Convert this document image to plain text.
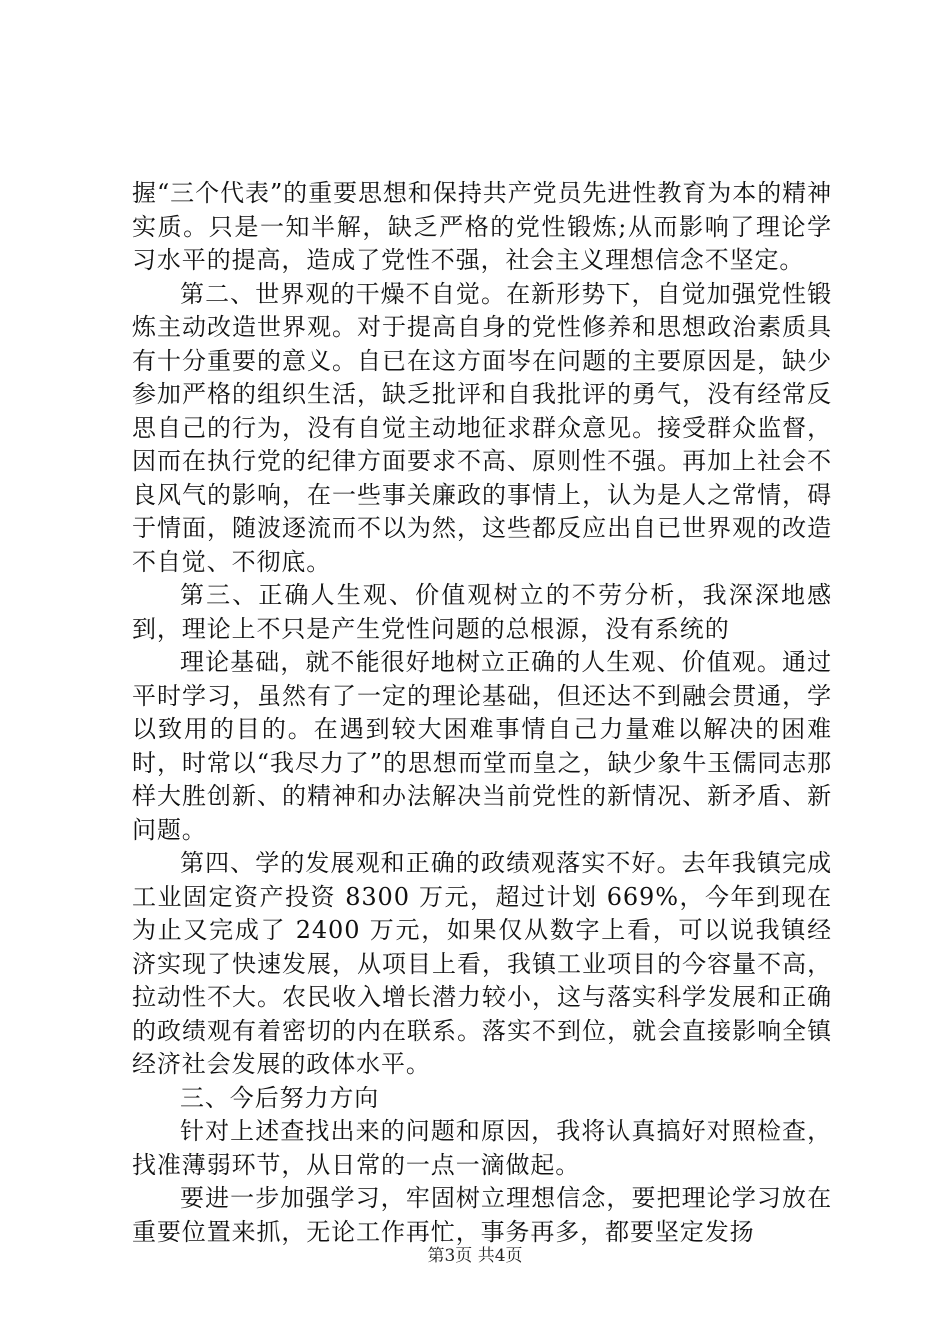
握“三个代表”的重要思想和保持共产党员先进性教育为本的精神实质。只是一知半解，缺乏严格的党性锻炼;从而影响了理论学习水平的提高，造成了党性不强，社会主义理想信念不坚定。

第二、世界观的干燥不自觉。在新形势下，自觉加强党性锻炼主动改造世界观。对于提高自身的党性修养和思想政治素质具有十分重要的意义。自已在这方面岑在问题的主要原因是，缺少参加严格的组织生活，缺乏批评和自我批评的勇气，没有经常反思自己的行为，没有自觉主动地征求群众意见。接受群众监督，因而在执行党的纪律方面要求不高、原则性不强。再加上社会不良风气的影响，在一些事关廉政的事情上，认为是人之常情，碍于情面，随波逐流而不以为然，这些都反应出自已世界观的改造不自觉、不彻底。

第三、正确人生观、价值观树立的不劳分析，我深深地感到，理论上不只是产生党性问题的总根源，没有系统的

理论基础，就不能很好地树立正确的人生观、价值观。通过平时学习，虽然有了一定的理论基础，但还达不到融会贯通，学以致用的目的。在遇到较大困难事情自己力量难以解决的困难时，时常以“我尽力了”的思想而堂而皇之，缺少象牛玉儒同志那样大胜创新、的精神和办法解决当前党性的新情况、新矛盾、新问题。

第四、学的发展观和正确的政绩观落实不好。去年我镇完成工业固定资产投资 8300 万元，超过计划 669%，今年到现在为止又完成了 2400 万元，如果仅从数字上看，可以说我镇经济实现了快速发展，从项目上看，我镇工业项目的今容量不高，拉动性不大。农民收入增长潜力较小，这与落实科学发展和正确的政绩观有着密切的内在联系。落实不到位，就会直接影响全镇经济社会发展的政体水平。

三、今后努力方向

针对上述查找出来的问题和原因，我将认真搞好对照检查，找准薄弱环节，从日常的一点一滴做起。

要进一步加强学习，牢固树立理想信念，要把理论学习放在重要位置来抓，无论工作再忙，事务再多，都要坚定发扬

第3页 共4页
